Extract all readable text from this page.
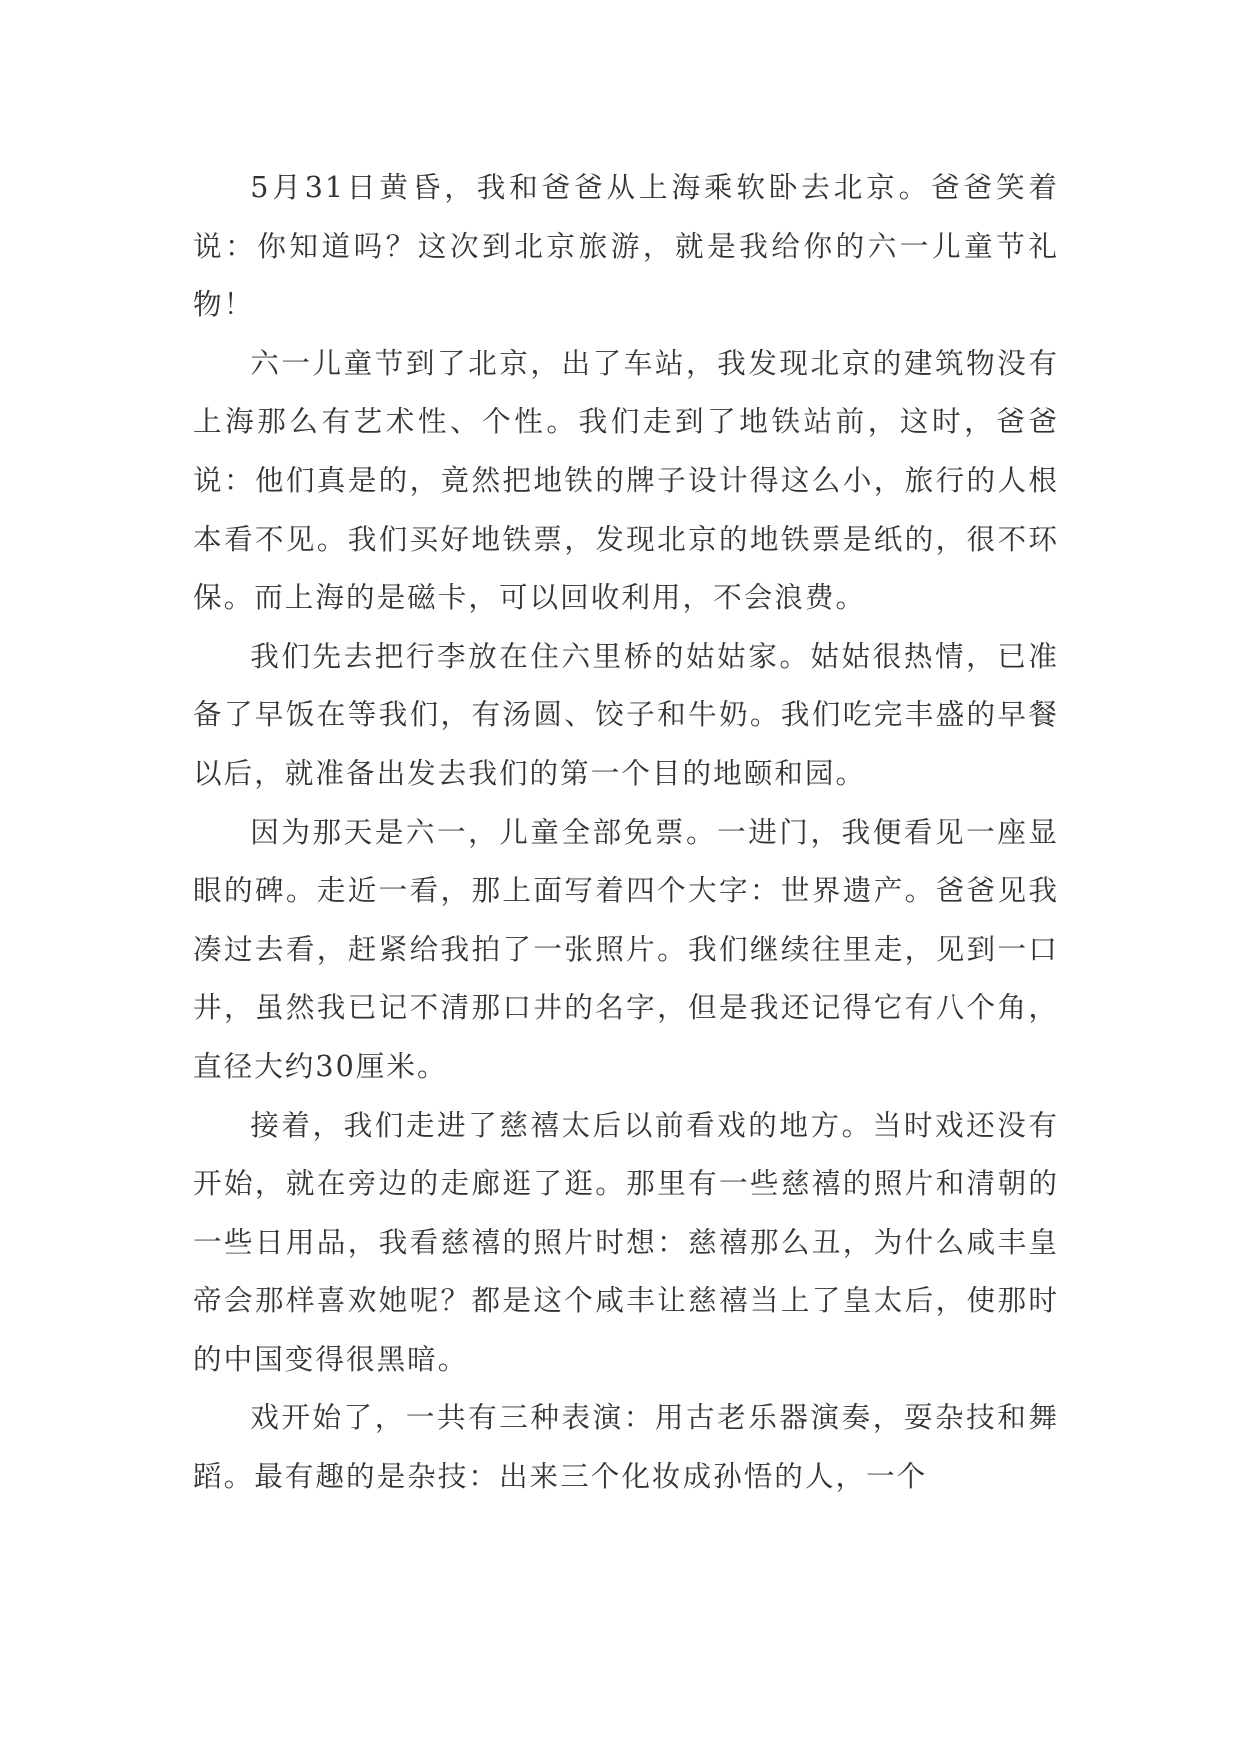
5月31日黄昏，我和爸爸从上海乘软卧去北京。爸爸笑着说：你知道吗？这次到北京旅游，就是我给你的六一儿童节礼物！

六一儿童节到了北京，出了车站，我发现北京的建筑物没有上海那么有艺术性、个性。我们走到了地铁站前，这时，爸爸说：他们真是的，竟然把地铁的牌子设计得这么小，旅行的人根本看不见。我们买好地铁票，发现北京的地铁票是纸的，很不环保。而上海的是磁卡，可以回收利用，不会浪费。

我们先去把行李放在住六里桥的姑姑家。姑姑很热情，已准备了早饭在等我们，有汤圆、饺子和牛奶。我们吃完丰盛的早餐以后，就准备出发去我们的第一个目的地颐和园。

因为那天是六一，儿童全部免票。一进门，我便看见一座显眼的碑。走近一看，那上面写着四个大字：世界遗产。爸爸见我凑过去看，赶紧给我拍了一张照片。我们继续往里走，见到一口井，虽然我已记不清那口井的名字，但是我还记得它有八个角，直径大约30厘米。

接着，我们走进了慈禧太后以前看戏的地方。当时戏还没有开始，就在旁边的走廊逛了逛。那里有一些慈禧的照片和清朝的一些日用品，我看慈禧的照片时想：慈禧那么丑，为什么咸丰皇帝会那样喜欢她呢？都是这个咸丰让慈禧当上了皇太后，使那时的中国变得很黑暗。

戏开始了，一共有三种表演：用古老乐器演奏，耍杂技和舞蹈。最有趣的是杂技：出来三个化妆成孙悟的人，一个
